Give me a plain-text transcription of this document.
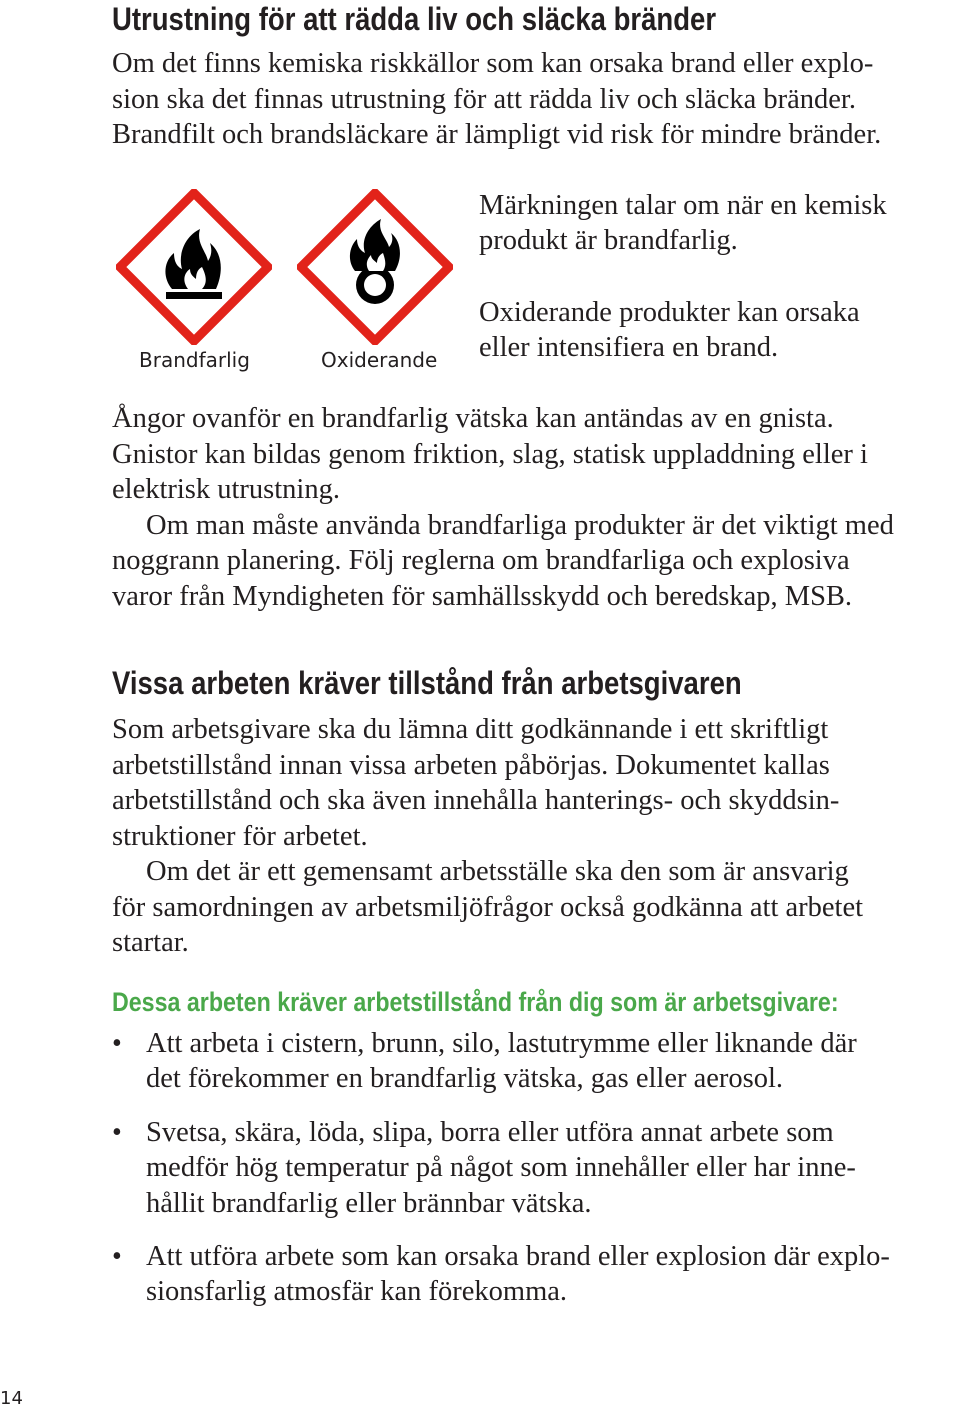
Utrustning för att rädda liv och släcka bränder

Om det finns kemiska riskkällor som kan orsaka brand eller explo-

sion ska det finnas utrustning för att rädda liv och släcka bränder.

Brandfilt och brandsläckare är lämpligt vid risk för mindre bränder.

Brandfarlig	Oxiderande

Märkningen talar om när en kemisk

produkt är brandfarlig.

Oxiderande produkter kan orsaka

eller intensifiera en brand.

Ångor ovanför en brandfarlig vätska kan antändas av en gnista.

Gnistor kan bildas genom friktion, slag, statisk uppladdning eller i

elektrisk utrustning.

Om man måste använda brandfarliga produkter är det viktigt med

noggrann planering. Följ reglerna om brandfarliga och explosiva

varor från Myndigheten för samhällsskydd och beredskap, MSB.

Vissa arbeten kräver tillstånd från arbetsgivaren

Som arbetsgivare ska du lämna ditt godkännande i ett skriftligt

arbetstillstånd innan vissa arbeten påbörjas. Dokumentet kallas

arbetstillstånd och ska även innehålla hanterings- och skyddsin-

struktioner för arbetet.

Om det är ett gemensamt arbetsställe ska den som är ansvarig

för samordningen av arbetsmiljöfrågor också godkänna att arbetet

startar.

Dessa arbeten kräver arbetstillstånd från dig som är arbetsgivare:
• Att arbeta i cistern, brunn, silo, lastutrymme eller liknande där

det förekommer en brandfarlig vätska, gas eller aerosol.

• Svetsa, skära, löda, slipa, borra eller utföra annat arbete som

medför hög temperatur på något som innehåller eller har inne-

hållit brandfarlig eller brännbar vätska.

• Att utföra arbete som kan orsaka brand eller explosion där explo-

sionsfarlig atmosfär kan förekomma.

14
